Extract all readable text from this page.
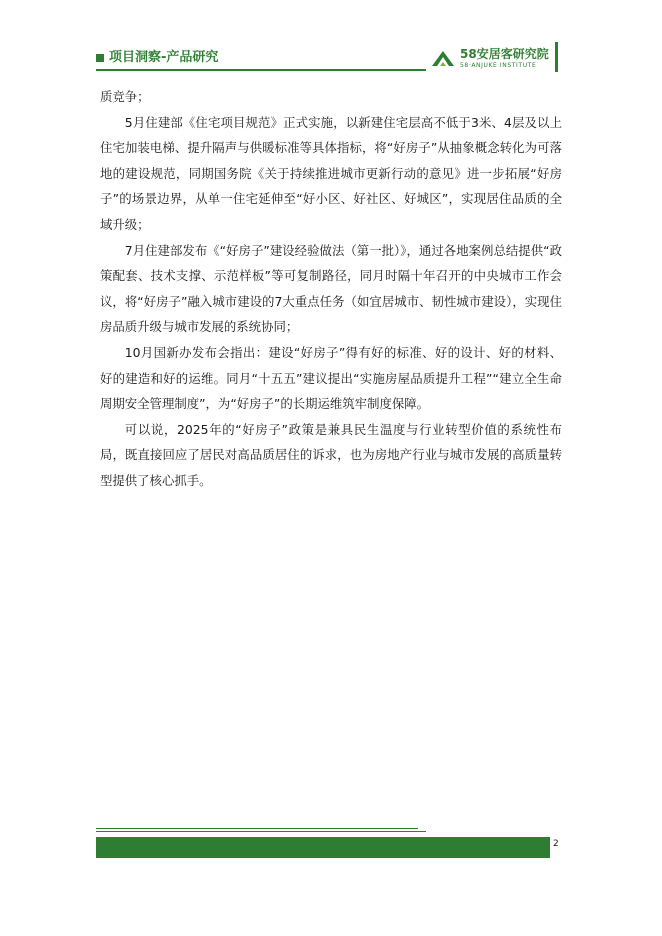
项目洞察-产品研究	58安居客研究院
58·ANJUKE INSTITUTE

质竞争；

5月住建部《住宅项目规范》正式实施，以新建住宅层高不低于3米、4层及以上住宅加装电梯、提升隔声与供暖标准等具体指标，将“好房子”从抽象概念转化为可落地的建设规范，同期国务院《关于持续推进城市更新行动的意见》进一步拓展“好房子”的场景边界，从单一住宅延伸至“好小区、好社区、好城区”，实现居住品质的全域升级；

7月住建部发布《“好房子”建设经验做法（第一批）》，通过各地案例总结提供“政策配套、技术支撑、示范样板”等可复制路径，同月时隔十年召开的中央城市工作会议，将“好房子”融入城市建设的7大重点任务（如宜居城市、韧性城市建设），实现住房品质升级与城市发展的系统协同；

10月国新办发布会指出：建设“好房子”得有好的标准、好的设计、好的材料、好的建造和好的运维。同月“十五五”建议提出“实施房屋品质提升工程”“建立全生命周期安全管理制度”，为“好房子”的长期运维筑牢制度保障。

可以说，2025年的“好房子”政策是兼具民生温度与行业转型价值的系统性布局，既直接回应了居民对高品质居住的诉求，也为房地产行业与城市发展的高质量转型提供了核心抓手。

2
